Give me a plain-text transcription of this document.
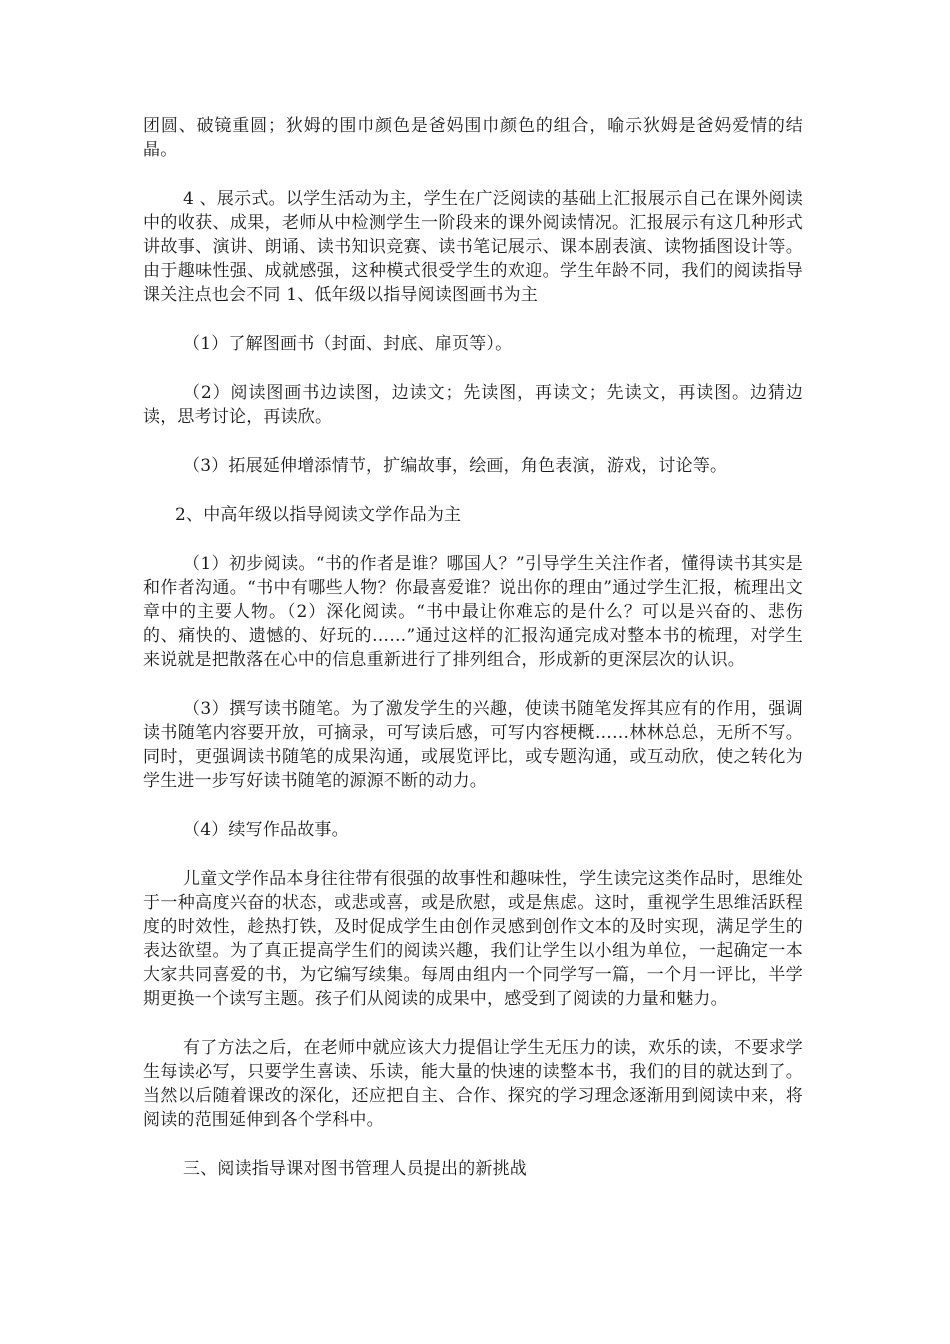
团圆、破镜重圆；狄姆的围巾颜色是爸妈围巾颜色的组合，喻示狄姆是爸妈爱情的结晶。

4 、展示式。以学生活动为主，学生在广泛阅读的基础上汇报展示自己在课外阅读中的收获、成果，老师从中检测学生一阶段来的课外阅读情况。汇报展示有这几种形式讲故事、演讲、朗诵、读书知识竞赛、读书笔记展示、课本剧表演、读物插图设计等。由于趣味性强、成就感强，这种模式很受学生的欢迎。学生年龄不同，我们的阅读指导课关注点也会不同 1、低年级以指导阅读图画书为主

（1）了解图画书（封面、封底、扉页等）。

（2）阅读图画书边读图，边读文；先读图，再读文；先读文，再读图。边猜边读，思考讨论，再读欣。

（3）拓展延伸增添情节，扩编故事，绘画，角色表演，游戏，讨论等。

2、中高年级以指导阅读文学作品为主

（1）初步阅读。“书的作者是谁？哪国人？”引导学生关注作者，懂得读书其实是和作者沟通。“书中有哪些人物？你最喜爱谁？说出你的理由”通过学生汇报，梳理出文章中的主要人物。（2）深化阅读。“书中最让你难忘的是什么？可以是兴奋的、悲伤的、痛快的、遗憾的、好玩的……”通过这样的汇报沟通完成对整本书的梳理，对学生来说就是把散落在心中的信息重新进行了排列组合，形成新的更深层次的认识。

（3）撰写读书随笔。为了激发学生的兴趣，使读书随笔发挥其应有的作用，强调读书随笔内容要开放，可摘录，可写读后感，可写内容梗概……林林总总，无所不写。同时，更强调读书随笔的成果沟通，或展览评比，或专题沟通，或互动欣，使之转化为学生进一步写好读书随笔的源源不断的动力。

（4）续写作品故事。

儿童文学作品本身往往带有很强的故事性和趣味性，学生读完这类作品时，思维处于一种高度兴奋的状态，或悲或喜，或是欣慰，或是焦虑。这时，重视学生思维活跃程度的时效性，趁热打铁，及时促成学生由创作灵感到创作文本的及时实现，满足学生的表达欲望。为了真正提高学生们的阅读兴趣，我们让学生以小组为单位，一起确定一本大家共同喜爱的书，为它编写续集。每周由组内一个同学写一篇，一个月一评比，半学期更换一个读写主题。孩子们从阅读的成果中，感受到了阅读的力量和魅力。

有了方法之后，在老师中就应该大力提倡让学生无压力的读，欢乐的读，不要求学生每读必写，只要学生喜读、乐读，能大量的快速的读整本书，我们的目的就达到了。当然以后随着课改的深化，还应把自主、合作、探究的学习理念逐渐用到阅读中来，将阅读的范围延伸到各个学科中。

三、阅读指导课对图书管理人员提出的新挑战
